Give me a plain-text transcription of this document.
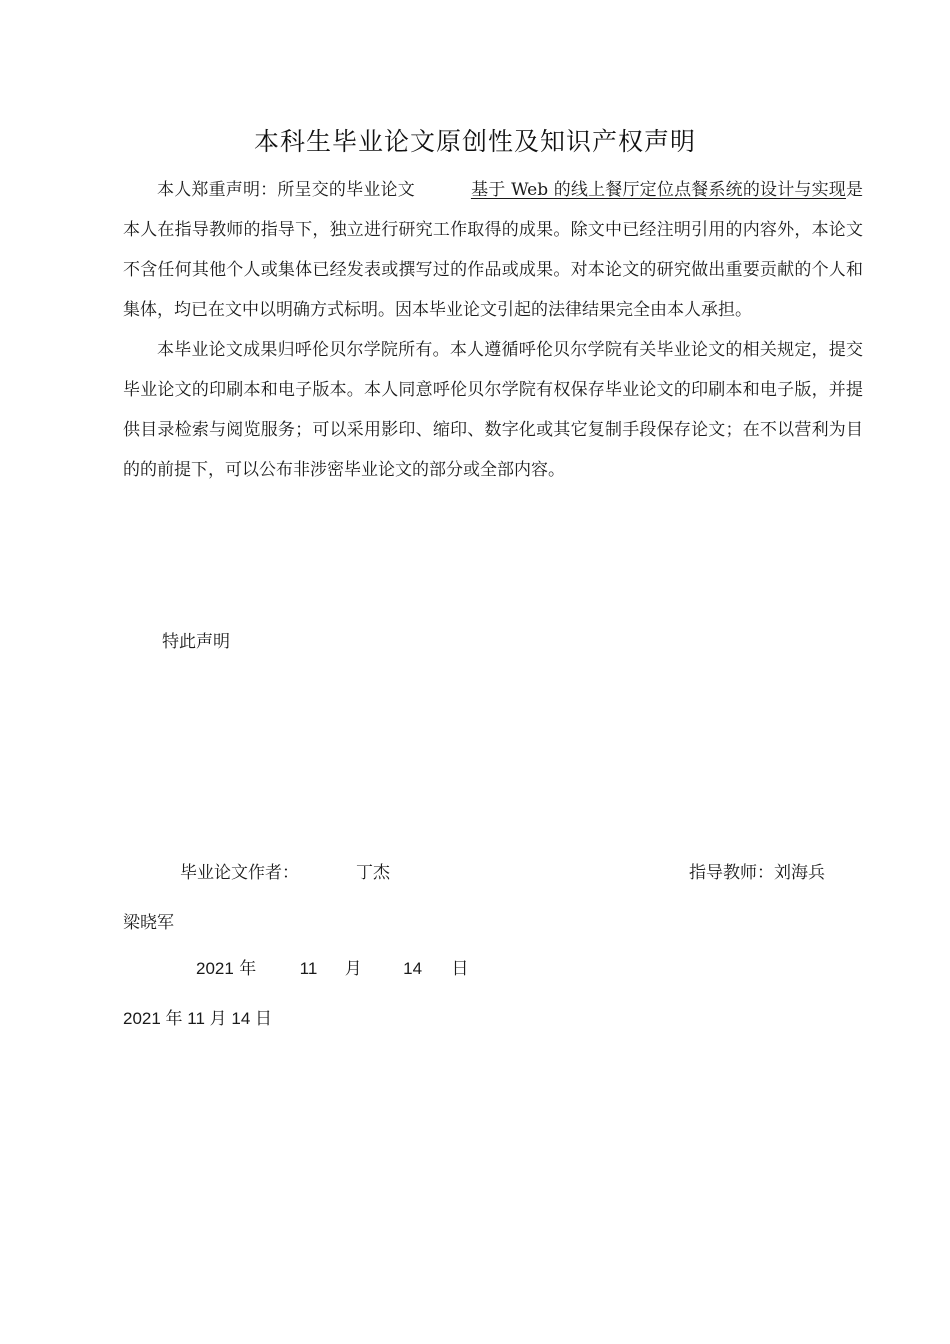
本科生毕业论文原创性及知识产权声明

本人郑重声明：所呈交的毕业论文	基于 Web 的线上餐厅定位点餐系统的设计与实现是本人在指导教师的指导下，独立进行研究工作取得的成果。除文中已经注明引用的内容外，本论文不含任何其他个人或集体已经发表或撰写过的作品或成果。对本论文的研究做出重要贡献的个人和集体，均已在文中以明确方式标明。因本毕业论文引起的法律结果完全由本人承担。

本毕业论文成果归呼伦贝尔学院所有。本人遵循呼伦贝尔学院有关毕业论文的相关规定，提交毕业论文的印刷本和电子版本。本人同意呼伦贝尔学院有权保存毕业论文的印刷本和电子版，并提供目录检索与阅览服务；可以采用影印、缩印、数字化或其它复制手段保存论文；在不以营利为目的的前提下，可以公布非涉密毕业论文的部分或全部内容。

特此声明
毕业论文作者：	丁杰	指导教师：刘海兵
梁晓军
2021 年	11 月 14 日
2021 年 11 月 14 日
